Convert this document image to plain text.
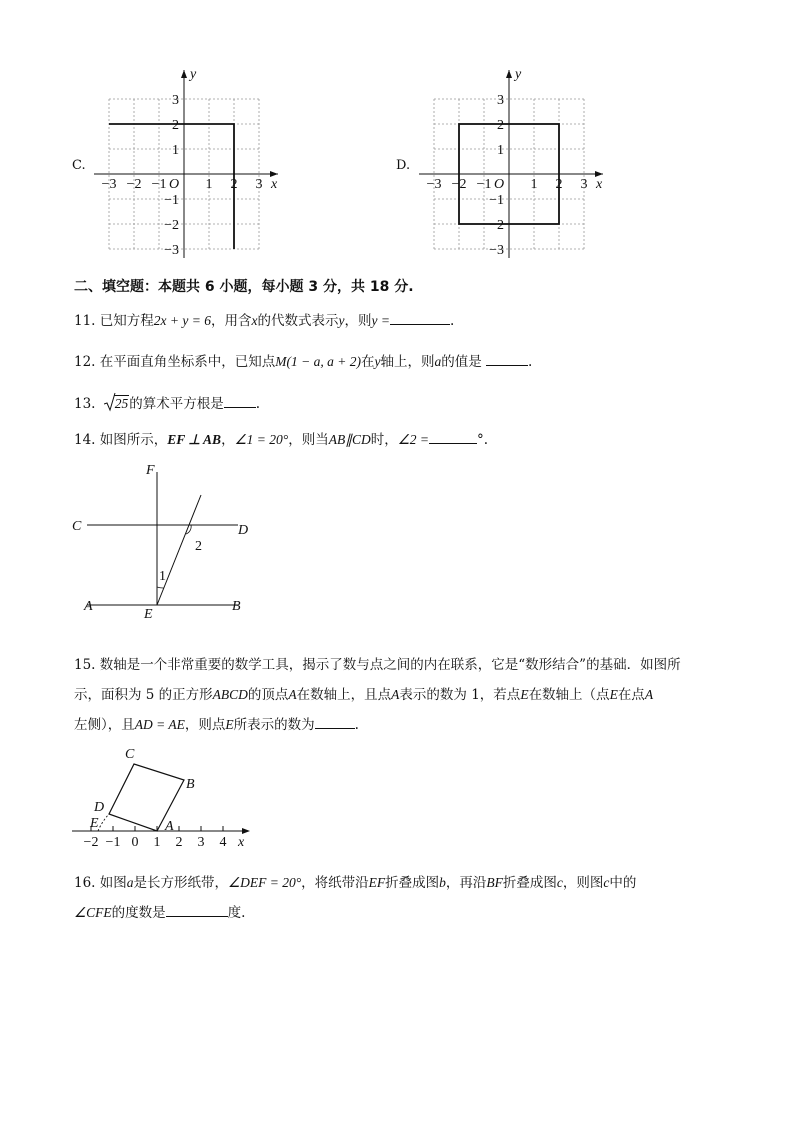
C.
y
x
O
−3 −2 −1	1 2 3
3
2
1
−1
−2
−3
D.
y
x
O
−3 −2 −1	1 2 3
3
2
1
−1
−2
−3
二、填空题：本题共 6 小题，每小题 3 分，共 18 分.
11. 已知方程2x + y = 6，用含x的代数式表示y，则y =	.
12. 在平面直角坐标系中，已知点M(1 − a, a + 2)在y轴上，则a的值是	.
13. 25的算术平方根是 .
14. 如图所示，EF ⊥ AB，∠1 = 20°，则当AB∥CD时，∠2 =	°.
F
C	D
A	B
E
1
2
15. 数轴是一个非常重要的数学工具，揭示了数与点之间的内在联系，它是“数形结合”的基础．如图所
示，面积为 5 的正方形ABCD的顶点A在数轴上，且点A表示的数为 1，若点E在数轴上（点E在点A
左侧），且AD = AE，则点E所表示的数为	.
C
B
D
E	A
x
−2 −1 0 1 2 3 4
16. 如图a是长方形纸带，∠DEF = 20°，将纸带沿EF折叠成图b，再沿BF折叠成图c，则图c中的
∠CFE的度数是	度.
